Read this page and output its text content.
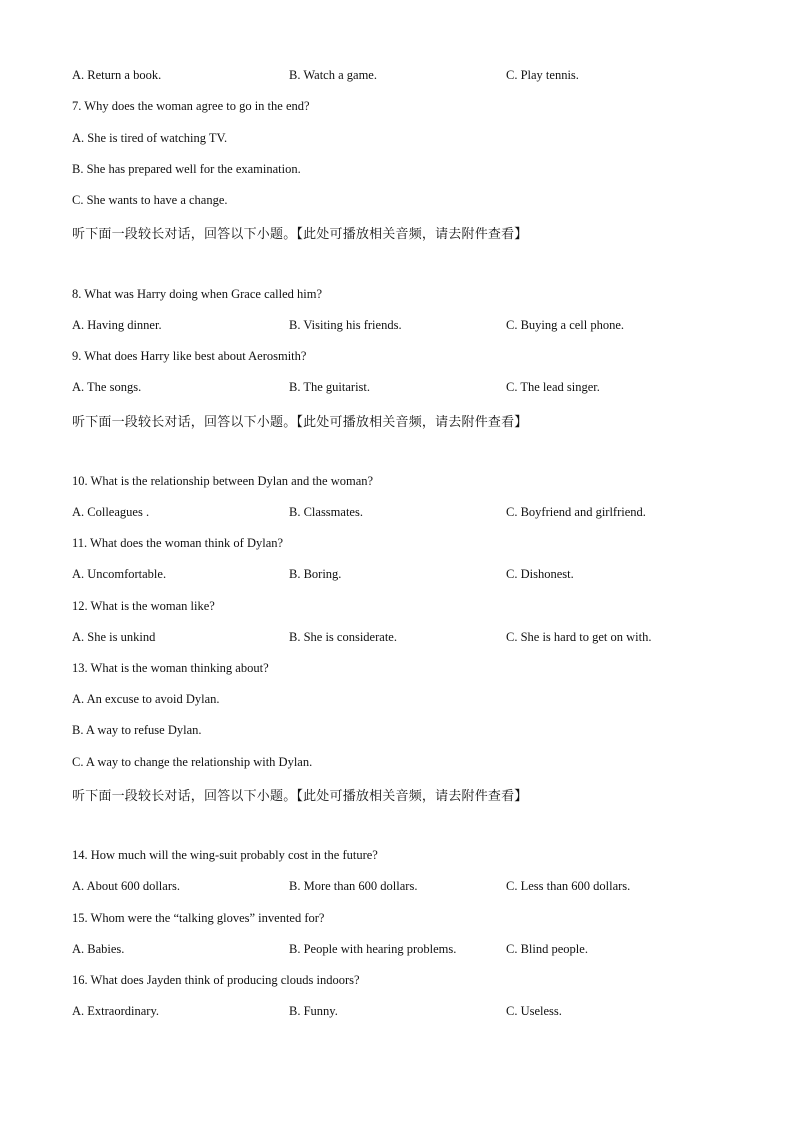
A. Return a book.	B. Watch a game.	C. Play tennis.
7. Why does the woman agree to go in the end?
A. She is tired of watching TV.
B. She has prepared well for the examination.
C. She wants to have a change.
听下面一段较长对话，回答以下小题。【此处可播放相关音频，请去附件查看】
8. What was Harry doing when Grace called him?
A. Having dinner.	B. Visiting his friends.	C. Buying a cell phone.
9. What does Harry like best about Aerosmith?
A. The songs.	B. The guitarist.	C. The lead singer.
听下面一段较长对话，回答以下小题。【此处可播放相关音频，请去附件查看】
10. What is the relationship between Dylan and the woman?
A. Colleagues .	B. Classmates.	C. Boyfriend and girlfriend.
11. What does the woman think of Dylan?
A. Uncomfortable.	B. Boring.	C. Dishonest.
12. What is the woman like?
A. She is unkind	B. She is considerate.	C. She is hard to get on with.
13. What is the woman thinking about?
A. An excuse to avoid Dylan.
B. A way to refuse Dylan.
C. A way to change the relationship with Dylan.
听下面一段较长对话，回答以下小题。【此处可播放相关音频，请去附件查看】
14. How much will the wing-suit probably cost in the future?
A. About 600 dollars.	B. More than 600 dollars.	C. Less than 600 dollars.
15. Whom were the “talking gloves” invented for?
A. Babies.	B. People with hearing problems.	C. Blind people.
16. What does Jayden think of producing clouds indoors?
A. Extraordinary.	B. Funny.	C. Useless.
